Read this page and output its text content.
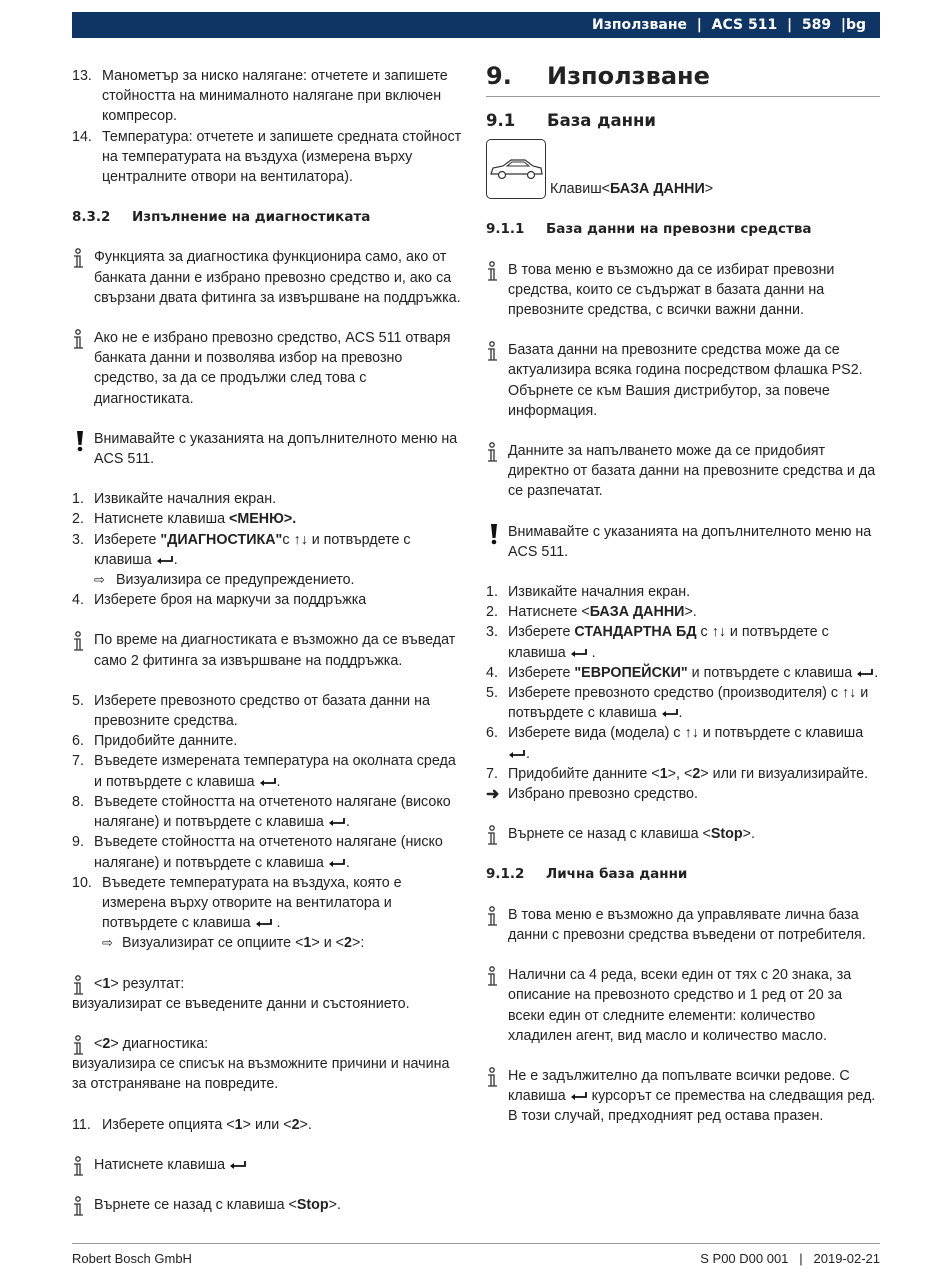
Използване | ACS 511 | 589 |bg
13. Манометър за ниско налягане: отчетете и запишете стойността на минималното налягане при включен компресор.
14. Температура: отчетете и запишете средната стойност на температурата на въздуха (измерена върху централните отвори на вентилатора).
8.3.2 Изпълнение на диагностиката
Функцията за диагностика функционира само, ако от банката данни е избрано превозно средство и, ако са свързани двата фитинга за извършване на поддръжка.
Ако не е избрано превозно средство, ACS 511 отваря банката данни и позволява избор на превозно средство, за да се продължи след това с диагностиката.
Внимавайте с указанията на допълнителното меню на ACS 511.
1. Извикайте началния екран.
2. Натиснете клавиша <МЕНЮ>.
3. Изберете "ДИАГНОСТИКА"с ↑↓ и потвърдете с клавиша .
⇨ Визуализира се предупреждението.
4. Изберете броя на маркучи за поддръжка
По време на диагностиката е възможно да се въведат само 2 фитинга за извършване на поддръжка.
5. Изберете превозното средство от базата данни на превозните средства.
6. Придобийте данните.
7. Въведете измерената температура на околната среда и потвърдете с клавиша .
8. Въведете стойността на отчетеното налягане (високо налягане) и потвърдете с клавиша .
9. Въведете стойността на отчетеното налягане (ниско налягане) и потвърдете с клавиша .
10. Въведете температурата на въздуха, която е измерена върху отворите на вентилатора и потвърдете с клавиша  .
⇨ Визуализират се опциите <1> и <2>:
<1> резултат:
визуализират се въведените данни и състоянието.
<2> диагностика:
визуализира се списък на възможните причини и начина за отстраняване на повредите.
11. Изберете опцията <1> или <2>.
Натиснете клавиша
Върнете се назад с клавиша <Stop>.
9. Използване
9.1 База данни
Клавиш<БАЗА ДАННИ>
9.1.1 База данни на превозни средства
В това меню е възможно да се избират превозни средства, които се съдържат в базата данни на превозните средства, с всички важни данни.
Базата данни на превозните средства може да се актуализира всяка година посредством флашка PS2. Обърнете се към Вашия дистрибутор, за повече информация.
Данните за напълването може да се придобият директно от базата данни на превозните средства и да се разпечатат.
Внимавайте с указанията на допълнителното меню на ACS 511.
1. Извикайте началния екран.
2. Натиснете <БАЗА ДАННИ>.
3. Изберете СТАНДАРТНА БД с ↑↓ и потвърдете с клавиша  .
4. Изберете "ЕВРОПЕЙСКИ" и потвърдете с клавиша .
5. Изберете превозното средство (производителя) с ↑↓ и потвърдете с клавиша .
6. Изберете вида (модела) с ↑↓ и потвърдете с клавиша .
7. Придобийте данните <1>, <2> или ги визуализирайте.
➜ Избрано превозно средство.
Върнете се назад с клавиша <Stop>.
9.1.2 Лична база данни
В това меню е възможно да управлявате лична база данни с превозни средства въведени от потребителя.
Налични са 4 реда, всеки един от тях с 20 знака, за описание на превозното средство и 1 ред от 20 за всеки един от следните елементи: количество хладилен агент, вид масло и количество масло.
Не е задължително да попълвате всички редове. С клавиша  курсорът се премества на следващия ред. В този случай, предходният ред остава празен.
Robert Bosch GmbH	S P00 D00 001 | 2019-02-21
